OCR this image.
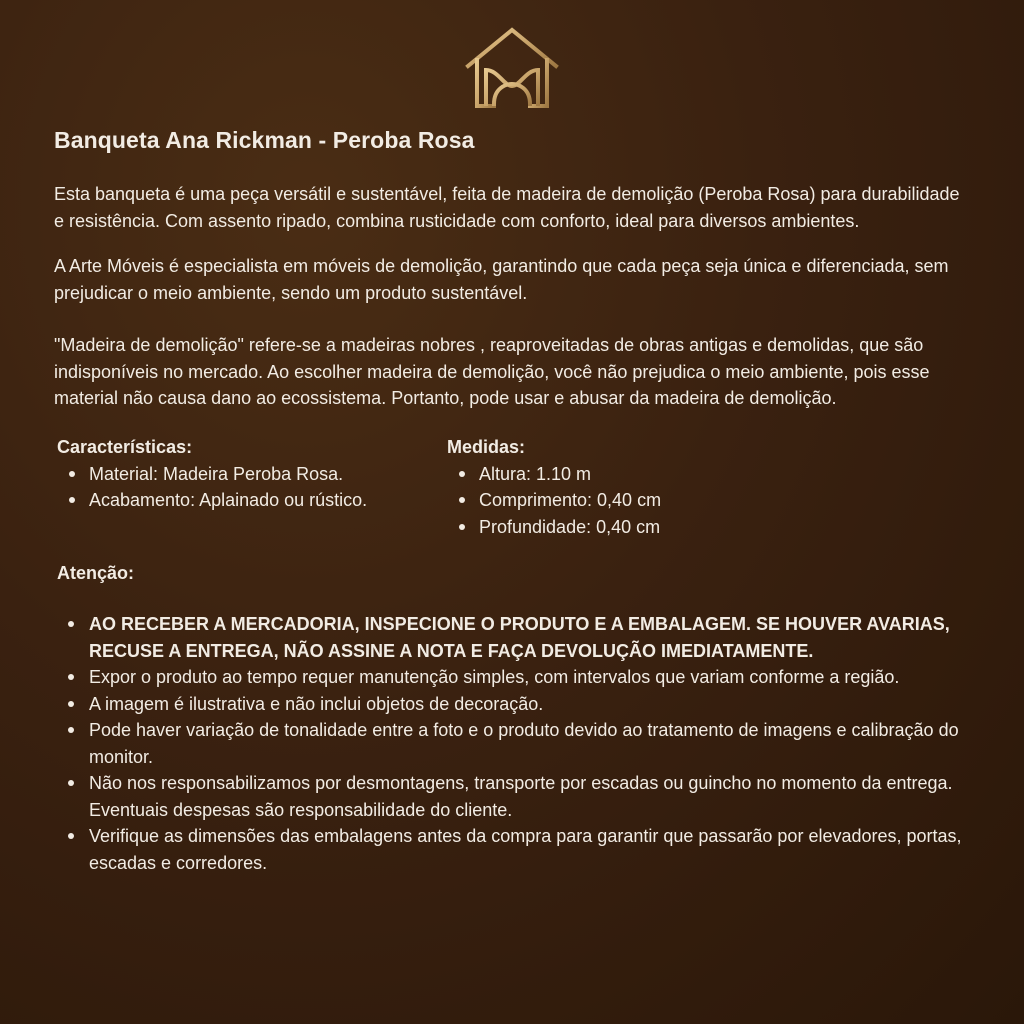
Banqueta Ana Rickman - Peroba Rosa

Esta banqueta é uma peça versátil e sustentável, feita de madeira de demolição (Peroba Rosa) para durabilidade e resistência. Com assento ripado, combina rusticidade com conforto, ideal para diversos ambientes.

A Arte Móveis é especialista em móveis de demolição, garantindo que cada peça seja única e diferenciada, sem prejudicar o meio ambiente, sendo um produto sustentável.

"Madeira de demolição" refere-se a madeiras nobres , reaproveitadas de obras antigas e demolidas, que são indisponíveis no mercado. Ao escolher madeira de demolição, você não prejudica o meio ambiente, pois esse material não causa dano ao ecossistema. Portanto, pode usar e abusar da madeira de demolição.

Características:
Material: Madeira Peroba Rosa.
Acabamento: Aplainado ou rústico.
Medidas:
Altura: 1.10 m
Comprimento: 0,40 cm
Profundidade: 0,40 cm
Atenção:
AO RECEBER A MERCADORIA, INSPECIONE O PRODUTO E A EMBALAGEM. SE HOUVER AVARIAS, RECUSE A ENTREGA, NÃO ASSINE A NOTA E FAÇA DEVOLUÇÃO IMEDIATAMENTE.
Expor o produto ao tempo requer manutenção simples, com intervalos que variam conforme a região.
A imagem é ilustrativa e não inclui objetos de decoração.
Pode haver variação de tonalidade entre a foto e o produto devido ao tratamento de imagens e calibração do monitor.
Não nos responsabilizamos por desmontagens, transporte por escadas ou guincho no momento da entrega. Eventuais despesas são responsabilidade do cliente.
Verifique as dimensões das embalagens antes da compra para garantir que passarão por elevadores, portas, escadas e corredores.
